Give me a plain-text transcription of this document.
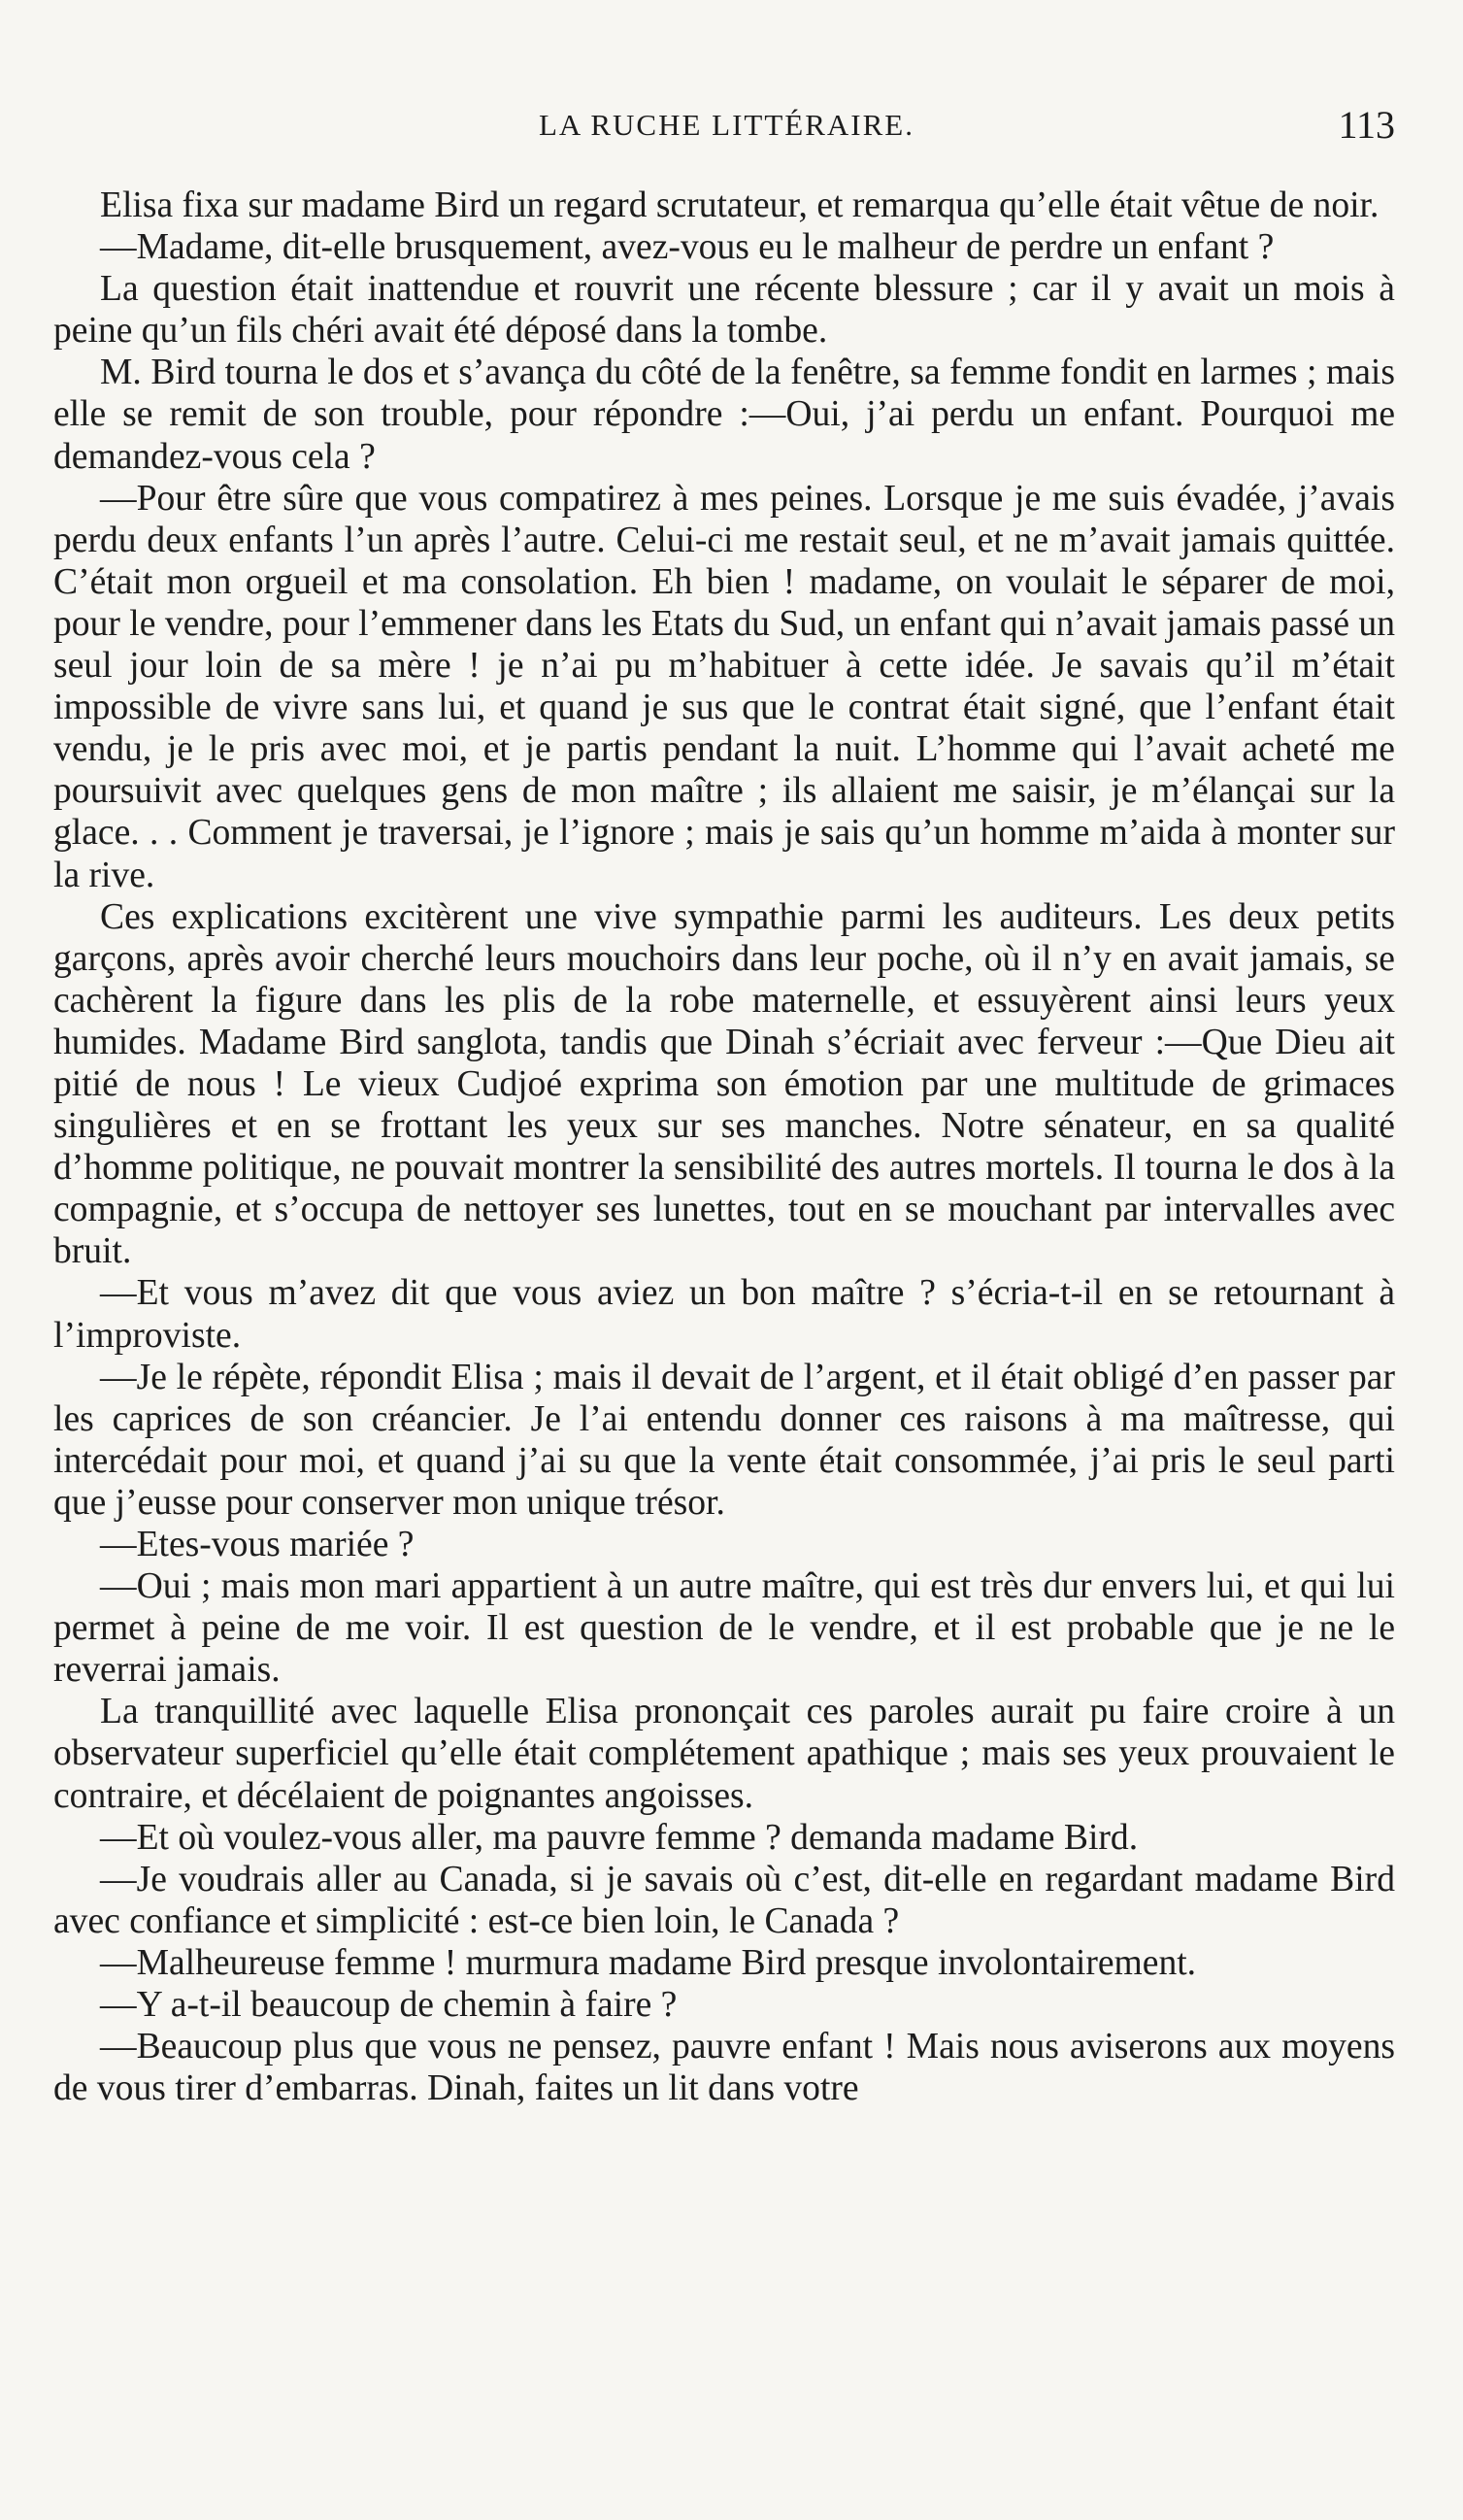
LA RUCHE LITTÉRAIRE.	113

Elisa fixa sur madame Bird un regard scrutateur, et remarqua qu’elle était vêtue de noir.

—Madame, dit-elle brusquement, avez-vous eu le malheur de perdre un enfant ?

La question était inattendue et rouvrit une récente blessure ; car il y avait un mois à peine qu’un fils chéri avait été déposé dans la tombe.

M. Bird tourna le dos et s’avança du côté de la fenêtre, sa femme fondit en larmes ; mais elle se remit de son trouble, pour répondre :—Oui, j’ai perdu un enfant. Pourquoi me demandez-vous cela ?

—Pour être sûre que vous compatirez à mes peines. Lorsque je me suis évadée, j’avais perdu deux enfants l’un après l’autre. Celui-ci me restait seul, et ne m’avait jamais quittée. C’était mon orgueil et ma consolation. Eh bien ! madame, on voulait le séparer de moi, pour le vendre, pour l’emmener dans les Etats du Sud, un enfant qui n’avait jamais passé un seul jour loin de sa mère ! je n’ai pu m’habituer à cette idée. Je savais qu’il m’était impossible de vivre sans lui, et quand je sus que le contrat était signé, que l’enfant était vendu, je le pris avec moi, et je partis pendant la nuit. L’homme qui l’avait acheté me poursuivit avec quelques gens de mon maître ; ils allaient me saisir, je m’élançai sur la glace. . . Comment je traversai, je l’ignore ; mais je sais qu’un homme m’aida à monter sur la rive.

Ces explications excitèrent une vive sympathie parmi les auditeurs. Les deux petits garçons, après avoir cherché leurs mouchoirs dans leur poche, où il n’y en avait jamais, se cachèrent la figure dans les plis de la robe maternelle, et essuyèrent ainsi leurs yeux humides. Madame Bird sanglota, tandis que Dinah s’écriait avec ferveur :—Que Dieu ait pitié de nous ! Le vieux Cudjoé exprima son émotion par une multitude de grimaces singulières et en se frottant les yeux sur ses manches. Notre sénateur, en sa qualité d’homme politique, ne pouvait montrer la sensibilité des autres mortels. Il tourna le dos à la compagnie, et s’occupa de nettoyer ses lunettes, tout en se mouchant par intervalles avec bruit.

—Et vous m’avez dit que vous aviez un bon maître ? s’écria-t-il en se retournant à l’improviste.

—Je le répète, répondit Elisa ; mais il devait de l’argent, et il était obligé d’en passer par les caprices de son créancier. Je l’ai entendu donner ces raisons à ma maîtresse, qui intercédait pour moi, et quand j’ai su que la vente était consommée, j’ai pris le seul parti que j’eusse pour conserver mon unique trésor.

—Etes-vous mariée ?

—Oui ; mais mon mari appartient à un autre maître, qui est très dur envers lui, et qui lui permet à peine de me voir. Il est question de le vendre, et il est probable que je ne le reverrai jamais.

La tranquillité avec laquelle Elisa prononçait ces paroles aurait pu faire croire à un observateur superficiel qu’elle était complétement apathique ; mais ses yeux prouvaient le contraire, et décélaient de poignantes angoisses.

—Et où voulez-vous aller, ma pauvre femme ? demanda madame Bird.

—Je voudrais aller au Canada, si je savais où c’est, dit-elle en regardant madame Bird avec confiance et simplicité : est-ce bien loin, le Canada ?

—Malheureuse femme ! murmura madame Bird presque involontairement.

—Y a-t-il beaucoup de chemin à faire ?

—Beaucoup plus que vous ne pensez, pauvre enfant ! Mais nous aviserons aux moyens de vous tirer d’embarras. Dinah, faites un lit dans votre
